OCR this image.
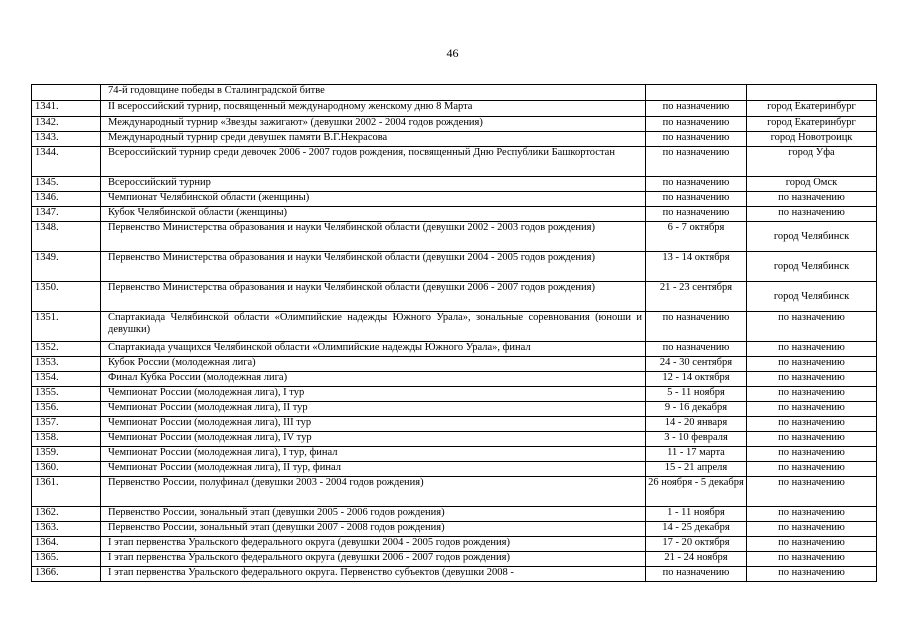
46
	74-й годовщине победы в Сталинградской битве		
1341.	II всероссийский турнир, посвященный международному женскому дню 8 Марта	по назначению	город Екатеринбург
1342.	Международный турнир «Звезды зажигают» (девушки 2002 - 2004 годов рождения)	по назначению	город Екатеринбург
1343.	Международный турнир среди девушек памяти В.Г.Некрасова	по назначению	город Новотроицк
1344.	Всероссийский турнир среди девочек 2006 - 2007 годов рождения, посвященный Дню Республики Башкортостан	по назначению	город Уфа
1345.	Всероссийский турнир	по назначению	город Омск
1346.	Чемпионат Челябинской области (женщины)	по назначению	по назначению
1347.	Кубок Челябинской области (женщины)	по назначению	по назначению
1348.	Первенство Министерства образования и науки Челябинской области (девушки 2002 - 2003 годов рождения)	6 - 7 октября	город Челябинск
1349.	Первенство Министерства образования и науки Челябинской области (девушки 2004 - 2005 годов рождения)	13 - 14 октября	город Челябинск
1350.	Первенство Министерства образования и науки Челябинской области (девушки 2006 - 2007 годов рождения)	21 - 23 сентября	город Челябинск
1351.	Спартакиада Челябинской области «Олимпийские надежды Южного Урала», зональные соревнования (юноши и девушки)	по назначению	по назначению
1352.	Спартакиада учащихся Челябинской области «Олимпийские надежды Южного Урала», финал	по назначению	по назначению
1353.	Кубок России (молодежная лига)	24 - 30 сентября	по назначению
1354.	Финал Кубка России (молодежная лига)	12 - 14 октября	по назначению
1355.	Чемпионат России (молодежная лига), I тур	5 - 11 ноября	по назначению
1356.	Чемпионат России (молодежная лига), II тур	9 - 16 декабря	по назначению
1357.	Чемпионат России (молодежная лига), III тур	14 - 20 января	по назначению
1358.	Чемпионат России (молодежная лига), IV тур	3 - 10 февраля	по назначению
1359.	Чемпионат России (молодежная лига), I тур, финал	11 - 17 марта	по назначению
1360.	Чемпионат России (молодежная лига), II тур, финал	15 - 21 апреля	по назначению
1361.	Первенство России, полуфинал (девушки 2003 - 2004 годов рождения)	26 ноября - 5 декабря	по назначению
1362.	Первенство России, зональный этап (девушки 2005 - 2006 годов рождения)	1 - 11 ноября	по назначению
1363.	Первенство России, зональный этап (девушки 2007 - 2008 годов рождения)	14 - 25 декабря	по назначению
1364.	I этап первенства Уральского федерального округа (девушки 2004 - 2005 годов рождения)	17 - 20 октября	по назначению
1365.	I этап первенства Уральского федерального округа (девушки 2006 - 2007 годов рождения)	21 - 24 ноября	по назначению
1366.	I этап первенства Уральского федерального округа. Первенство субъектов (девушки 2008 -	по назначению	по назначению
